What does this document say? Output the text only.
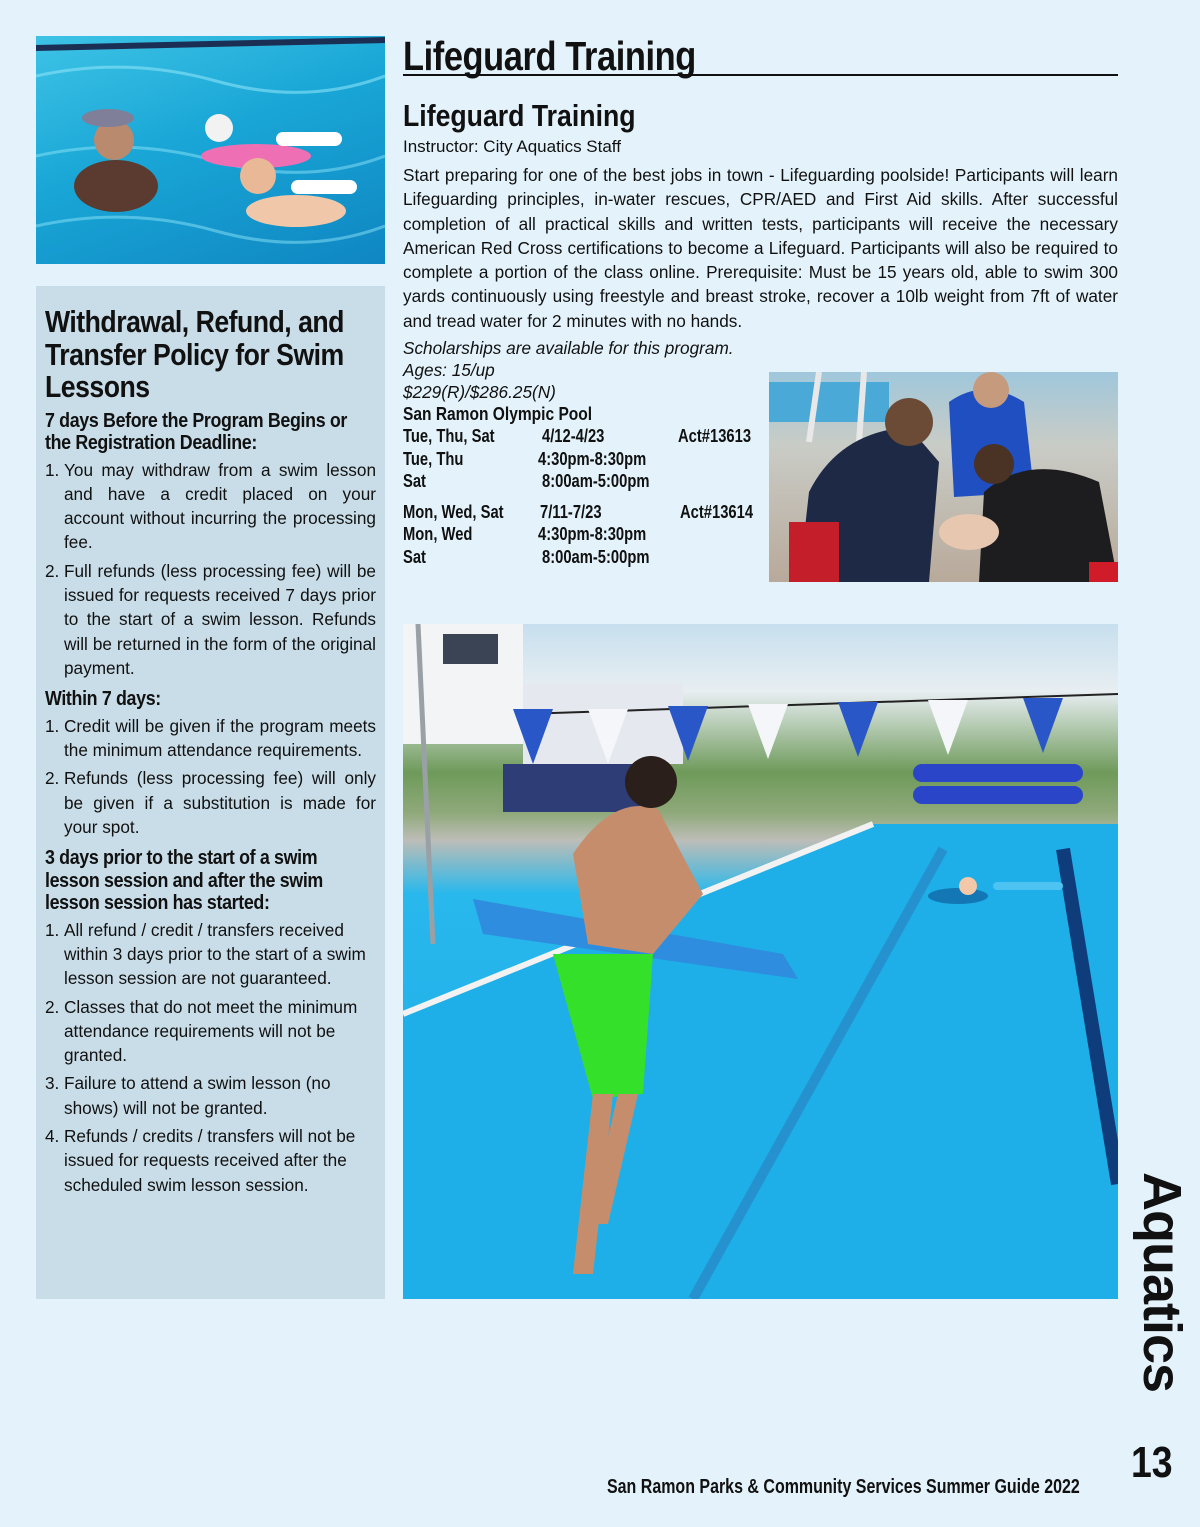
Withdrawal, Refund, and Transfer Policy for Swim Lessons
7 days Before the Program Begins or the Registration Deadline:
1. You may withdraw from a swim lesson and have a credit placed on your account without incurring the processing fee.
2. Full refunds (less processing fee) will be issued for requests received 7 days prior to the start of a swim lesson. Refunds will be returned in the form of the original payment.
Within 7 days:
1. Credit will be given if the program meets the minimum attendance requirements.
2. Refunds (less processing fee) will only be given if a substitution is made for your spot.
3 days prior to the start of a swim lesson session and after the swim lesson session has started:
1. All refund / credit / transfers received within 3 days prior to the start of a swim lesson session are not guaranteed.
2. Classes that do not meet the minimum attendance requirements will not be granted.
3. Failure to attend a swim lesson (no shows) will not be granted.
4. Refunds / credits / transfers will not be issued for requests received after the scheduled swim lesson session.
Lifeguard Training
Lifeguard Training
Instructor: City Aquatics Staff
Start preparing for one of the best jobs in town - Lifeguarding poolside! Participants will learn Lifeguarding principles, in-water rescues, CPR/AED and First Aid skills. After successful completion of all practical skills and written tests, participants will receive the necessary American Red Cross certifications to become a Lifeguard. Participants will also be required to complete a portion of the class online. Prerequisite: Must be 15 years old, able to swim 300 yards continuously using freestyle and breast stroke, recover a 10lb weight from 7ft of water and tread water for 2 minutes with no hands.
Scholarships are available for this program.
Ages: 15/up
$229(R)/$286.25(N)
San Ramon Olympic Pool
Tue, Thu, Sat	4/12-4/23	Act#13613
Tue, Thu	4:30pm-8:30pm
Sat	8:00am-5:00pm
Mon, Wed, Sat 7/11-7/23	Act#13614
Mon, Wed	4:30pm-8:30pm
Sat	8:00am-5:00pm
Aquatics
13
San Ramon Parks & Community Services Summer Guide 2022
